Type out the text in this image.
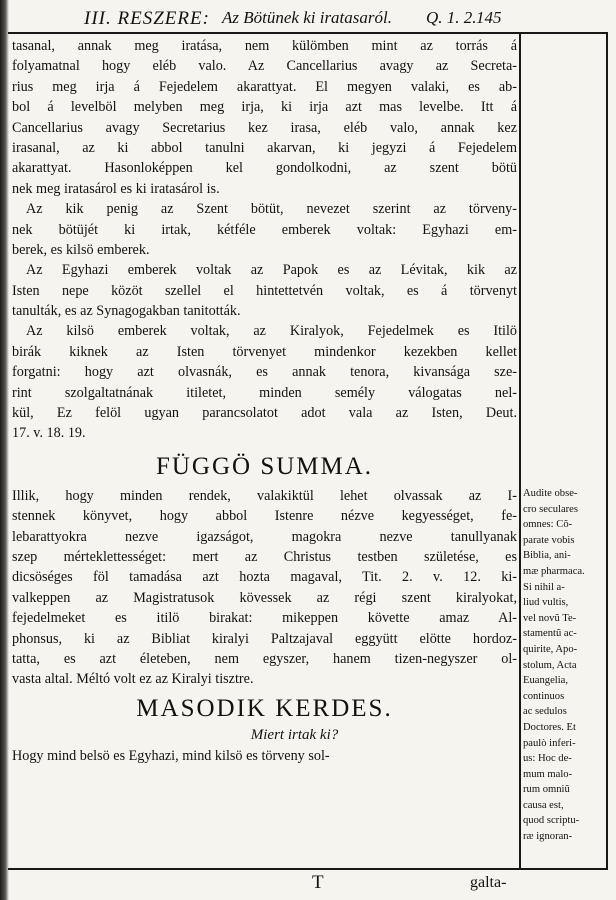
III. RESZERE: Az Bötünek ki iratasaról. Q. 1. 2. 145
tasanal, annak meg iratása, nem külömben mint az torrás á
folyamatnal hogy eléb valo. Az Cancellarius avagy az Secreta-
rius meg irja á Fejedelem akarattyat. El megyen valaki, es ab-
bol á levelböl melyben meg irja, ki irja azt mas levelbe. Itt á
Cancellarius avagy Secretarius kez irasa, eléb valo, annak kez
irasanal, az ki abbol tanulni akarvan, ki jegyzi á Fejedelem
akarattyat. Hasonloképpen kel gondolkodni, az szent bötü
nek meg iratasárol es ki iratasárol is.
Az kik penig az Szent bötüt, nevezet szerint az törveny-
nek bötüjét ki irtak, kétféle emberek voltak: Egyhazi em-
berek, es kilsö emberek.
Az Egyhazi emberek voltak az Papok es az Lévitak, kik az
Isten nepe közöt szellel el hintettetvén voltak, es á törvenyt
tanulták, es az Synagogakban tanitották.
Az kilsö emberek voltak, az Kiralyok, Fejedelmek es Itilö
birák kiknek az Isten törvenyet mindenkor kezekben kellet
forgatni: hogy azt olvasnák, es annak tenora, kivansága sze-
rint szolgaltatnának itiletet, minden semély válogatas nel-
kül, Ez felöl ugyan parancsolatot adot vala az Isten, Deut.
17. v. 18. 19.
FÜGGÖ SUMMA.
Illik, hogy minden rendek, valakiktül lehet olvassak az I-
stennek könyvet, hogy abbol Istenre nézve kegyességet, fe-
lebarattyokra nezve igazságot, magokra nezve tanullyanak
szep mérteklettességet: mert az Christus testben születése, es
dicsöséges föl tamadása azt hozta magaval, Tit. 2. v. 12. ki-
valkeppen az Magistratusok kövessek az régi szent kiralyokat,
fejedelmeket es itilö birakat: mikeppen követte amaz Al-
phonsus, ki az Bibliat kiralyi Paltzajaval eggyütt elötte hordoz-
tatta, es azt életeben, nem egyszer, hanem tizen-negyszer ol-
vasta altal. Méltó volt ez az Kiralyi tisztre.
MASODIK KERDES.
Miert irtak ki?
Hogy mind belsö es Egyhazi, mind kilsö es törveny sol-
Audite obse-
cro seculares
omnes: Cõ-
parate vobis
Biblia, ani-
mæ pharmaca.
Si nihil a-
liud vultis,
vel novũ Te-
stamentũ ac-
quirite, Apo-
stolum, Acta
Euangelia,
continuos
ac sedulos
Doctores. Et
paulò inferi-
us: Hoc de-
mum malo-
rum omniũ
causa est,
quod scriptu-
ræ ignoran-
T	galta-
